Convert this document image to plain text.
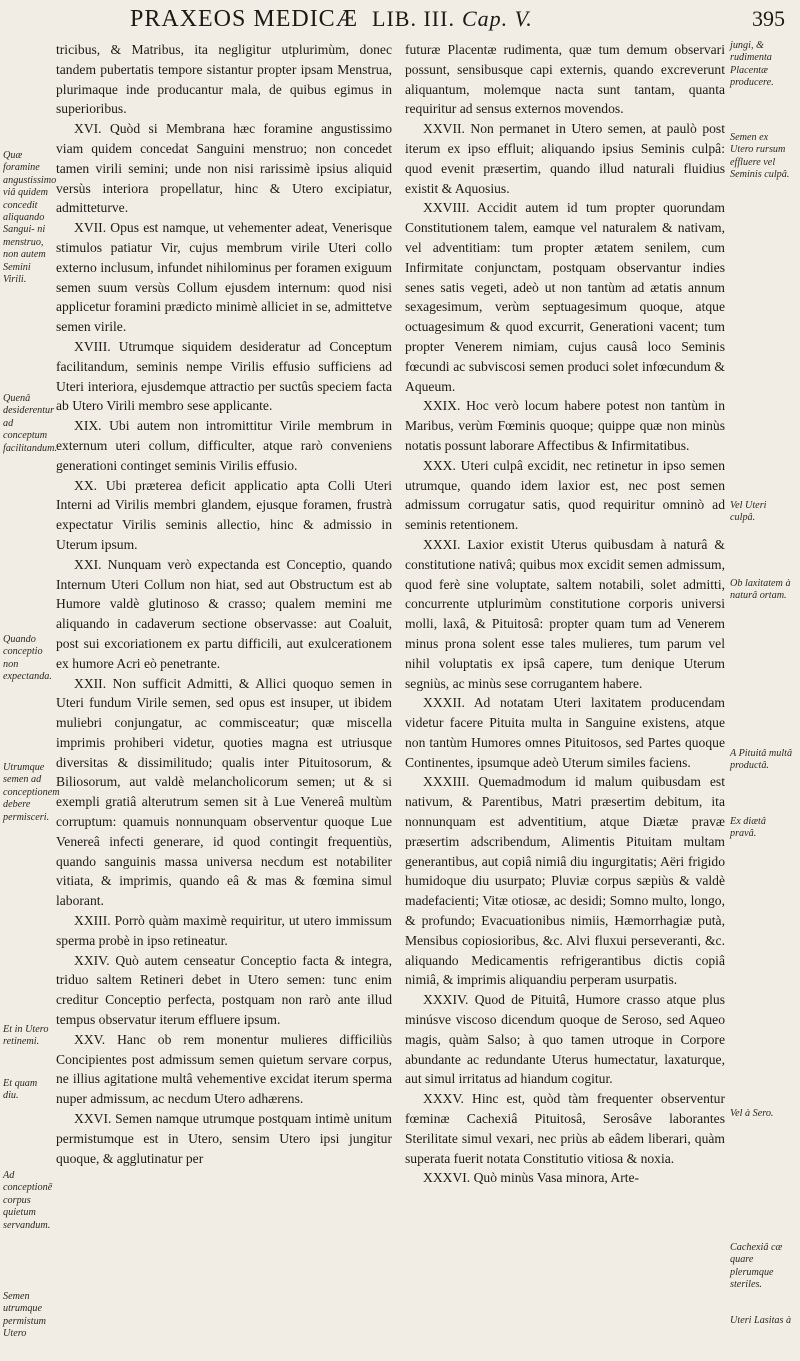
PRAXEOS MEDICÆ LIB. III. Cap. V.	395

tricibus, & Matribus, ita negligitur utplurimùm, donec tandem pubertatis tempore sistantur propter ipsam Menstrua, plurimaque inde producantur mala, de quibus egimus in superioribus.

XVI. Quòd si Membrana hæc foramine angustissimo viam quidem concedat Sanguini menstruo; non concedet tamen virili semini; unde non nisi rarissimè ipsius aliquid versùs interiora propellatur, hinc & Utero excipiatur, admitteturve.

XVII. Opus est namque, ut vehementer adeat, Venerisque stimulos patiatur Vir, cujus membrum virile Uteri collo externo inclusum, infundet nihilominus per foramen exiguum semen suum versùs Collum ejusdem internum: quod nisi applicetur foramini prædicto minimè alliciet in se, admittetve semen virile.

XVIII. Utrumque siquidem desideratur ad Conceptum facilitandum, seminis nempe Virilis effusio sufficiens ad Uteri interiora, ejusdemque attractio per suctûs speciem facta ab Utero Virili membro sese applicante.

XIX. Ubi autem non intromittitur Virile membrum in externum uteri collum, difficulter, atque rarò conveniens generationi continget seminis Virilis effusio.

XX. Ubi præterea deficit applicatio apta Colli Uteri Interni ad Virilis membri glandem, ejusque foramen, frustrà expectatur Virilis seminis allectio, hinc & admissio in Uterum ipsum.

XXI. Nunquam verò expectanda est Conceptio, quando Internum Uteri Collum non hiat, sed aut Obstructum est ab Humore valdè glutinoso & crasso; qualem memini me aliquando in cadaverum sectione observasse: aut Coaluit, post sui excoriationem ex partu difficili, aut exulcerationem ex humore Acri eò penetrante.

XXII. Non sufficit Admitti, & Allici quoquo semen in Uteri fundum Virile semen, sed opus est insuper, ut ibidem muliebri conjungatur, ac commisceatur; quæ miscella imprimis prohiberi videtur, quoties magna est utriusque diversitas & dissimilitudo; qualis inter Pituitosorum, & Biliosorum, aut valdè melancholicorum semen; ut & si exempli gratiâ alterutrum semen sit à Lue Venereâ multùm corruptum: quamuis nonnunquam observentur quoque Lue Venereâ infecti generare, id quod contingit frequentiùs, quando sanguinis massa universa necdum est notabiliter vitiata, & imprimis, quando eâ & mas & fœmina simul laborant.

XXIII. Porrò quàm maximè requiritur, ut utero immissum sperma probè in ipso retineatur.

XXIV. Quò autem censeatur Conceptio facta & integra, triduo saltem Retineri debet in Utero semen: tunc enim creditur Conceptio perfecta, postquam non rarò ante illud tempus observatur iterum effluere ipsum.

XXV. Hanc ob rem monentur mulieres difficiliùs Concipientes post admissum semen quietum servare corpus, ne illius agitatione multâ vehementive excidat iterum sperma nuper admissum, ac necdum Utero adhærens.

XXVI. Semen namque utrumque postquam intimè unitum permistumque est in Utero, sensim Utero ipsi jungitur quoque, & agglutinatur per

futuræ Placentæ rudimenta, quæ tum demum observari possunt, sensibusque capi externis, quando excreverunt aliquantum, molemque nacta sunt tantam, quanta requiritur ad sensus externos movendos.

XXVII. Non permanet in Utero semen, at paulò post iterum ex ipso effluit; aliquando ipsius Seminis culpâ: quod evenit præsertim, quando illud naturali fluidius existit & Aquosius.

XXVIII. Accidit autem id tum propter quorundam Constitutionem talem, eamque vel naturalem & nativam, vel adventitiam: tum propter ætatem senilem, cum Infirmitate conjunctam, postquam observantur indies senes satis vegeti, adeò ut non tantùm ad ætatis annum sexagesimum, verùm septuagesimum quoque, atque octuagesimum & quod excurrit, Generationi vacent; tum propter Venerem nimiam, cujus causâ loco Seminis fœcundi ac subviscosi semen produci solet infœcundum & Aqueum.

XXIX. Hoc verò locum habere potest non tantùm in Maribus, verùm Fœminis quoque; quippe quæ non minùs notatis possunt laborare Affectibus & Infirmitatibus.

XXX. Uteri culpâ excidit, nec retinetur in ipso semen utrumque, quando idem laxior est, nec post semen admissum corrugatur satis, quod requiritur omninò ad seminis retentionem.

XXXI. Laxior existit Uterus quibusdam à naturâ & constitutione nativâ; quibus mox excidit semen admissum, quod ferè sine voluptate, saltem notabili, solet admitti, concurrente utplurimùm constitutione corporis universi molli, laxâ, & Pituitosâ: propter quam tum ad Venerem minus prona solent esse tales mulieres, tum parum vel nihil voluptatis ex ipsâ capere, tum denique Uterum segniùs, ac minùs sese corrugantem habere.

XXXII. Ad notatam Uteri laxitatem producendam videtur facere Pituita multa in Sanguine existens, atque non tantùm Humores omnes Pituitosos, sed Partes quoque Continentes, ipsumque adeò Uterum similes faciens.

XXXIII. Quemadmodum id malum quibusdam est nativum, & Parentibus, Matri præsertim debitum, ita nonnunquam est adventitium, atque Diætæ pravæ præsertim adscribendum, Alimentis Pituitam multam generantibus, aut copiâ nimiâ diu ingurgitatis; Aëri frigido humidoque diu usurpato; Pluviæ corpus sæpiùs & valdè madefacienti; Vitæ otiosæ, ac desidi; Somno multo, longo, & profundo; Evacuationibus nimiis, Hæmorrhagiæ putà, Mensibus copiosioribus, &c. Alvi fluxui perseveranti, &c. aliquando Medicamentis refrigerantibus dictis copiâ nimiâ, & imprimis aliquandiu perperam usurpatis.

XXXIV. Quod de Pituitâ, Humore crasso atque plus minúsve viscoso dicendum quoque de Seroso, sed Aqueo magis, quàm Salso; à quo tamen utroque in Corpore abundante ac redundante Uterus humectatur, laxaturque, aut simul irritatus ad hiandum cogitur.

XXXV. Hinc est, quòd tàm frequenter observentur fœminæ Cachexiâ Pituitosâ, Serosâve laborantes Sterilitate simul vexari, nec priùs ab eâdem liberari, quàm superata fuerit notata Constitutio vitiosa & noxia.

XXXVI. Quò minùs Vasa minora, Arte-

Quæ foramine angustissimo viâ quidem concedit aliquando Sangui- ni menstruo, non autem Semini Virili.
Quenâ desiderentur ad conceptum facilitandum.
Quando conceptio non expectanda.
Utrumque semen ad conceptionem debere permisceri.
Et in Utero retinemi.
Et quam diu.
Ad conceptionē corpus quietum servandum.
Semen utrumque permistum Utero
jungi, & rudimenta Placentæ producere.
Semen ex Utero rursum effluere vel Seminis culpâ.
Vel Uteri culpâ.
Ob laxitatem à naturâ ortam.
A Pituitâ multâ productâ.
Ex diætâ pravâ.
Vel à Sero.
Cachexiâ cæ quare plerumque steriles.
Uteri Lasitas à
